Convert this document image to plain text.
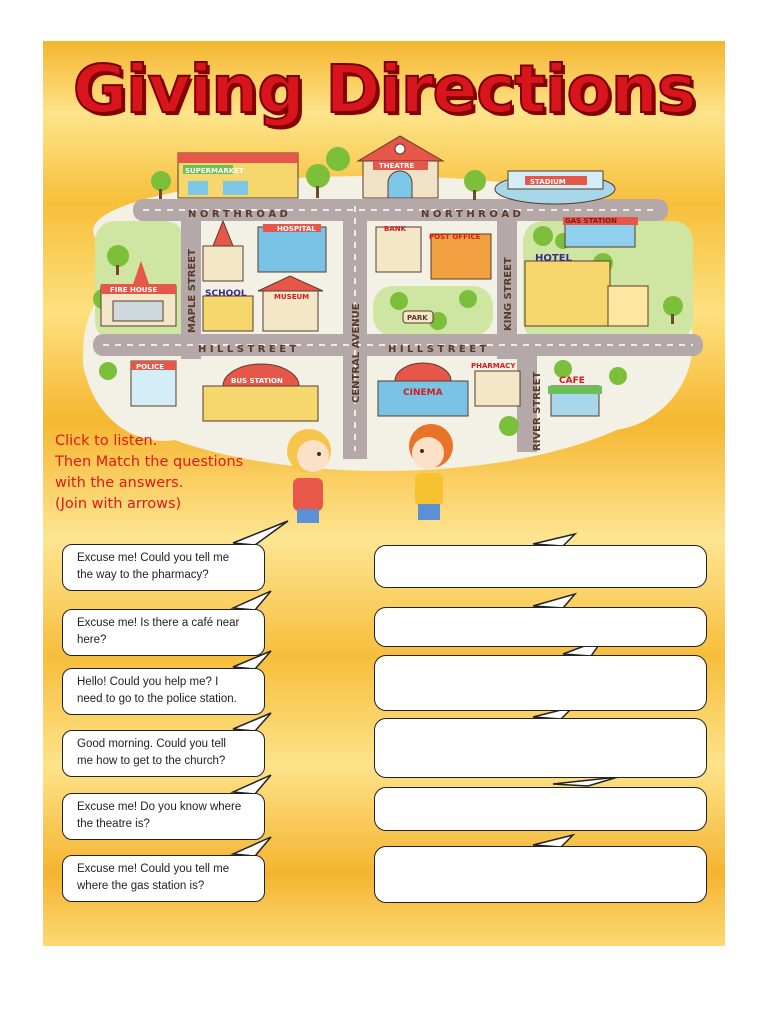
Giving Directions
N O R T H R O A D	N O R T H R O A D
H I L L S T R E E T	H I L L S T R E E T
MAPLE STREET
CENTRAL AVENUE
KING STREET
RIVER STREET
SUPERMARKET
THEATRE
STADIUM
GAS STATION
HOSPITAL	BANK
POST OFFICE
HOTEL
FIRE HOUSE	SCHOOL	MUSEUM
PARK
POLICE
BUS STATION
CINEMA
PHARMACY
CAFE
Click to listen.
Then Match the questions
with the answers.
(Join with arrows)
Excuse me! Could you tell me
the way to the pharmacy?
Excuse me! Is there a café near
here?
Hello! Could you help me? I
need to go to the police station.
Good morning. Could you tell
me how to get to the church?
Excuse me! Do you know where
the theatre is?
Excuse me! Could you tell me
where the gas station is?
